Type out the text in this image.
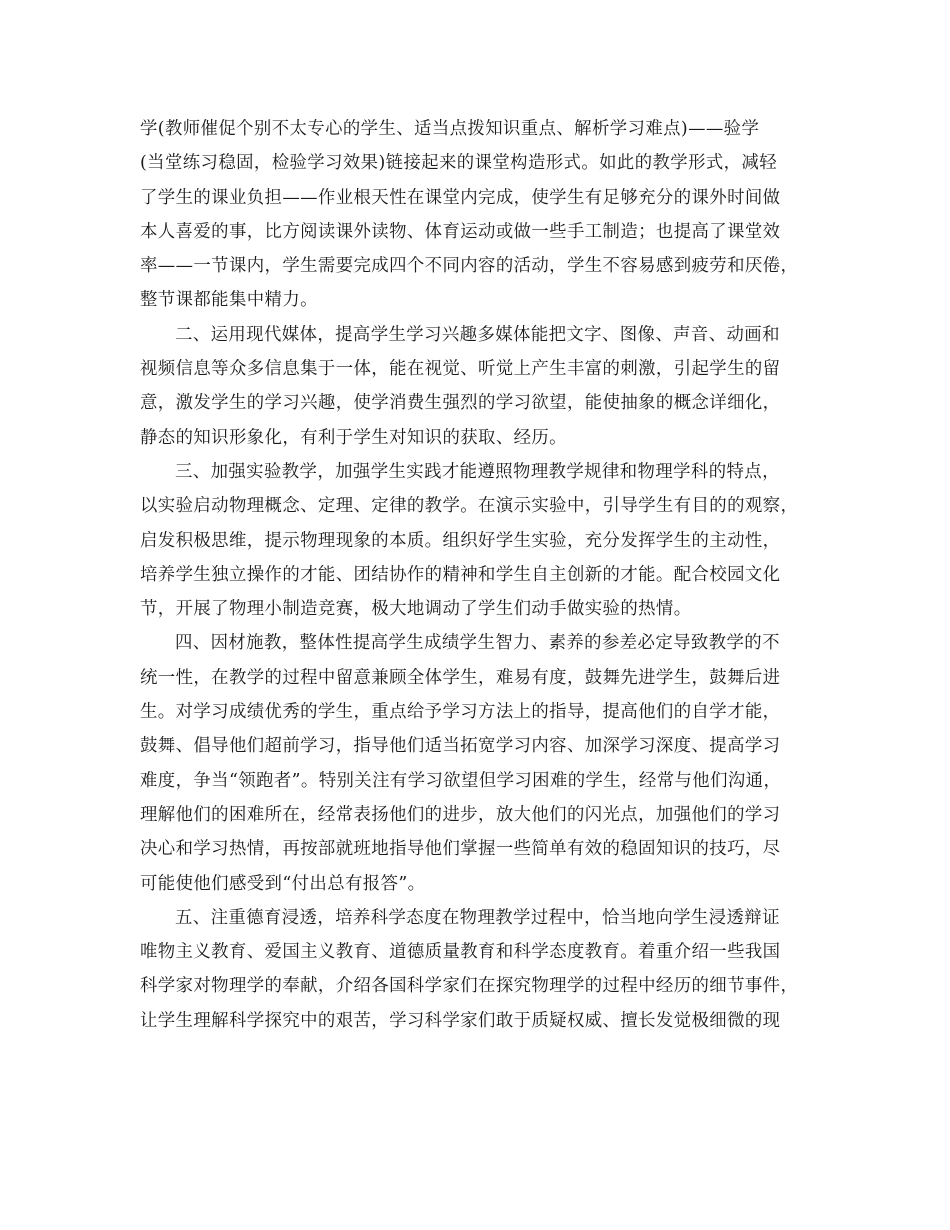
学(教师催促个别不太专心的学生、适当点拨知识重点、解析学习难点)——验学
(当堂练习稳固，检验学习效果)链接起来的课堂构造形式。如此的教学形式，减轻
了学生的课业负担——作业根天性在课堂内完成，使学生有足够充分的课外时间做
本人喜爱的事，比方阅读课外读物、体育运动或做一些手工制造；也提高了课堂效
率——一节课内，学生需要完成四个不同内容的活动，学生不容易感到疲劳和厌倦，
整节课都能集中精力。

二、运用现代媒体，提高学生学习兴趣多媒体能把文字、图像、声音、动画和
视频信息等众多信息集于一体，能在视觉、听觉上产生丰富的刺激，引起学生的留
意，激发学生的学习兴趣，使学消费生强烈的学习欲望，能使抽象的概念详细化，
静态的知识形象化，有利于学生对知识的获取、经历。

三、加强实验教学，加强学生实践才能遵照物理教学规律和物理学科的特点，
以实验启动物理概念、定理、定律的教学。在演示实验中，引导学生有目的的观察，
启发积极思维，提示物理现象的本质。组织好学生实验，充分发挥学生的主动性，
培养学生独立操作的才能、团结协作的精神和学生自主创新的才能。配合校园文化
节，开展了物理小制造竞赛，极大地调动了学生们动手做实验的热情。

四、因材施教，整体性提高学生成绩学生智力、素养的参差必定导致教学的不
统一性，在教学的过程中留意兼顾全体学生，难易有度，鼓舞先进学生，鼓舞后进
生。对学习成绩优秀的学生，重点给予学习方法上的指导，提高他们的自学才能，
鼓舞、倡导他们超前学习，指导他们适当拓宽学习内容、加深学习深度、提高学习
难度，争当“领跑者”。特别关注有学习欲望但学习困难的学生，经常与他们沟通，
理解他们的困难所在，经常表扬他们的进步，放大他们的闪光点，加强他们的学习
决心和学习热情，再按部就班地指导他们掌握一些简单有效的稳固知识的技巧，尽
可能使他们感受到“付出总有报答”。

五、注重德育浸透，培养科学态度在物理教学过程中，恰当地向学生浸透辩证
唯物主义教育、爱国主义教育、道德质量教育和科学态度教育。着重介绍一些我国
科学家对物理学的奉献，介绍各国科学家们在探究物理学的过程中经历的细节事件，
让学生理解科学探究中的艰苦，学习科学家们敢于质疑权威、擅长发觉极细微的现
